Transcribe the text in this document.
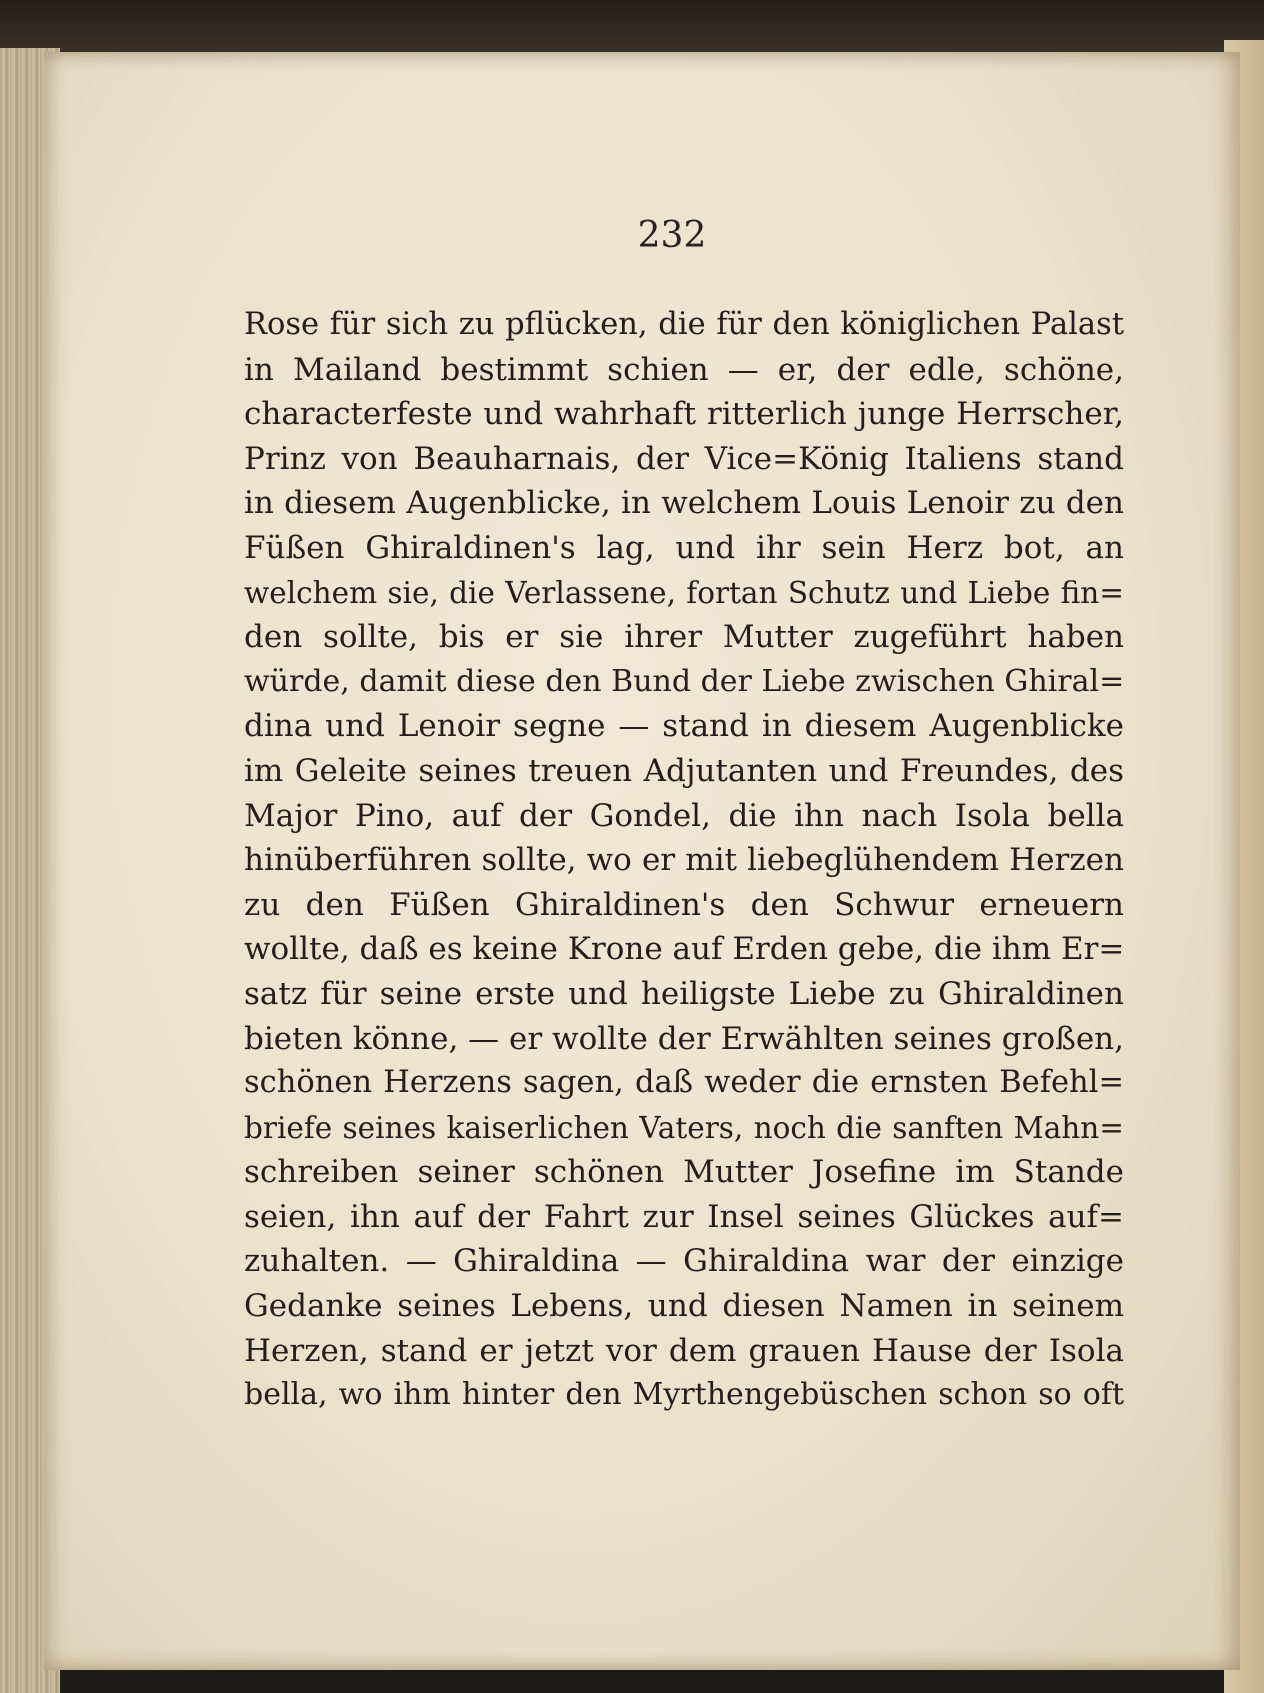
232

Rose für sich zu pflücken, die für den königlichen Palast
in Mailand bestimmt schien — er, der edle, schöne,
characterfeste und wahrhaft ritterlich junge Herrscher,
Prinz von Beauharnais, der Vice=König Italiens stand
in diesem Augenblicke, in welchem Louis Lenoir zu den
Füßen Ghiraldinen's lag, und ihr sein Herz bot, an
welchem sie, die Verlassene, fortan Schutz und Liebe fin=
den sollte, bis er sie ihrer Mutter zugeführt haben
würde, damit diese den Bund der Liebe zwischen Ghiral=
dina und Lenoir segne — stand in diesem Augenblicke
im Geleite seines treuen Adjutanten und Freundes, des
Major Pino, auf der Gondel, die ihn nach Isola bella
hinüberführen sollte, wo er mit liebeglühendem Herzen
zu den Füßen Ghiraldinen's den Schwur erneuern
wollte, daß es keine Krone auf Erden gebe, die ihm Er=
satz für seine erste und heiligste Liebe zu Ghiraldinen
bieten könne, — er wollte der Erwählten seines großen,
schönen Herzens sagen, daß weder die ernsten Befehl=
briefe seines kaiserlichen Vaters, noch die sanften Mahn=
schreiben seiner schönen Mutter Josefine im Stande
seien, ihn auf der Fahrt zur Insel seines Glückes auf=
zuhalten. — Ghiraldina — Ghiraldina war der einzige
Gedanke seines Lebens, und diesen Namen in seinem
Herzen, stand er jetzt vor dem grauen Hause der Isola
bella, wo ihm hinter den Myrthengebüschen schon so oft
